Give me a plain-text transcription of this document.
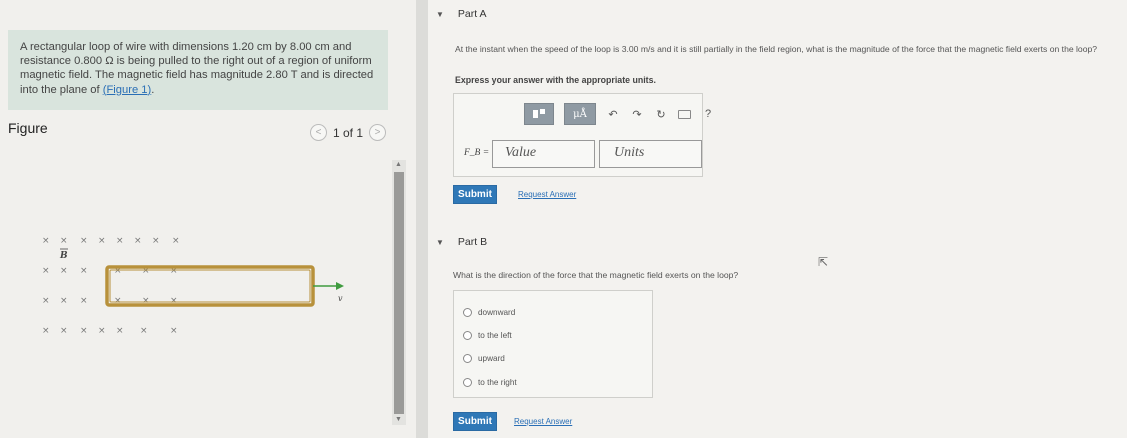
A rectangular loop of wire with dimensions 1.20 cm by 8.00 cm and resistance 0.800 Ω is being pulled to the right out of a region of uniform magnetic field. The magnetic field has magnitude 2.80 T and is directed into the plane of (Figure 1).

Figure	< 1 of 1 >
× × × × × × × ×
× × ×	× × ×
× × ×	× × ×
× × × × × × ×
B
v
▲
▼
▼ Part A

At the instant when the speed of the loop is 3.00 m/s and it is still partially in the field region, what is the magnitude of the force that the magnetic field exerts on the loop?

Express your answer with the appropriate units.

μÅ	↶ ↷ ↻	?
F_B =	Value	Units
Submit	Request Answer
▼ Part B

What is the direction of the force that the magnetic field exerts on the loop?

⇱
downward
to the left
upward
to the right
Submit	Request Answer
